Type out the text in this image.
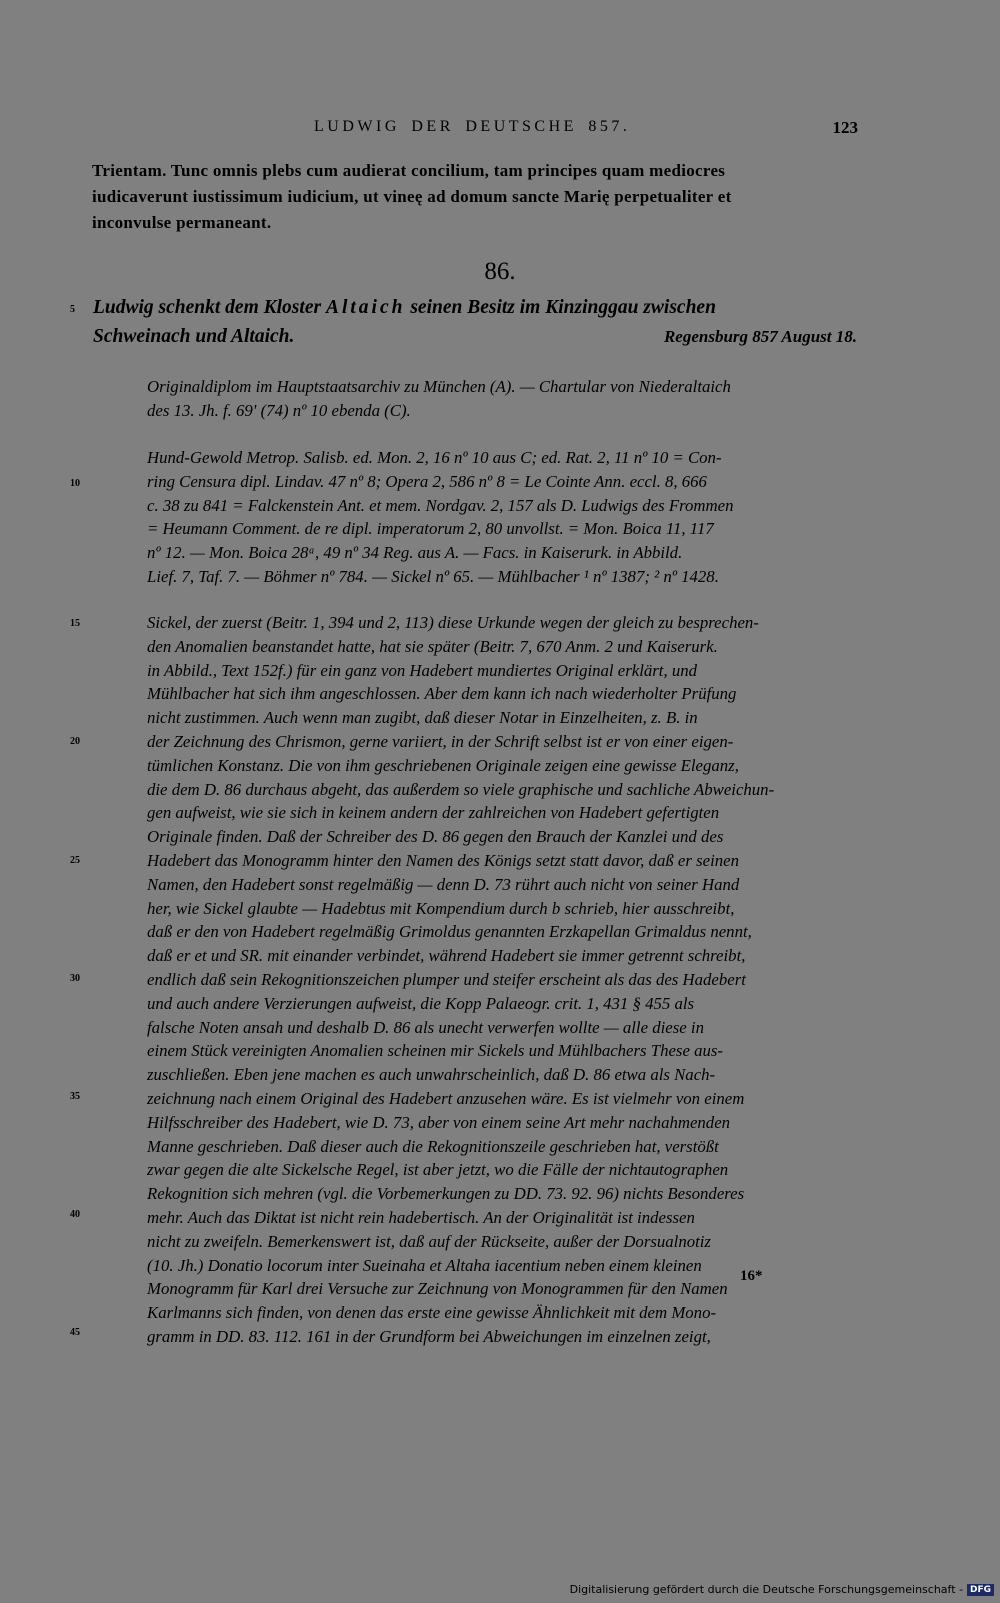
LUDWIG DER DEUTSCHE 857.	123
Trientam. Tunc omnis plebs cum audierat concilium, tam principes quam mediocres
iudicaverunt iustissimum iudicium, ut vineę ad domum sancte Marię perpetualiter et
inconvulse permaneant.
86.
Ludwig schenkt dem Kloster Altaich seinen Besitz im Kinzinggau zwischen
Schweinach und Altaich.	Regensburg 857 August 18.
Originaldiplom im Hauptstaatsarchiv zu München (A). — Chartular von Niederaltaich
des 13. Jh. f. 69' (74) nº 10 ebenda (C).
Hund-Gewold Metrop. Salisb. ed. Mon. 2, 16 nº 10 aus C; ed. Rat. 2, 11 nº 10 = Con-
ring Censura dipl. Lindav. 47 nº 8; Opera 2, 586 nº 8 = Le Cointe Ann. eccl. 8, 666
c. 38 zu 841 = Falckenstein Ant. et mem. Nordgav. 2, 157 als D. Ludwigs des Frommen
= Heumann Comment. de re dipl. imperatorum 2, 80 unvollst. = Mon. Boica 11, 117
nº 12. — Mon. Boica 28ᵃ, 49 nº 34 Reg. aus A. — Facs. in Kaiserurk. in Abbild.
Lief. 7, Taf. 7. — Böhmer nº 784. — Sickel nº 65. — Mühlbacher ¹ nº 1387; ² nº 1428.
Sickel, der zuerst (Beitr. 1, 394 und 2, 113) diese Urkunde wegen der gleich zu besprechen-
den Anomalien beanstandet hatte, hat sie später (Beitr. 7, 670 Anm. 2 und Kaiserurk.
in Abbild., Text 152f.) für ein ganz von Hadebert mundiertes Original erklärt, und
Mühlbacher hat sich ihm angeschlossen. Aber dem kann ich nach wiederholter Prüfung
nicht zustimmen. Auch wenn man zugibt, daß dieser Notar in Einzelheiten, z. B. in
der Zeichnung des Chrismon, gerne variiert, in der Schrift selbst ist er von einer eigen-
tümlichen Konstanz. Die von ihm geschriebenen Originale zeigen eine gewisse Eleganz,
die dem D. 86 durchaus abgeht, das außerdem so viele graphische und sachliche Abweichun-
gen aufweist, wie sie sich in keinem andern der zahlreichen von Hadebert gefertigten
Originale finden. Daß der Schreiber des D. 86 gegen den Brauch der Kanzlei und des
Hadebert das Monogramm hinter den Namen des Königs setzt statt davor, daß er seinen
Namen, den Hadebert sonst regelmäßig — denn D. 73 rührt auch nicht von seiner Hand
her, wie Sickel glaubte — Hadebtus mit Kompendium durch b schrieb, hier ausschreibt,
daß er den von Hadebert regelmäßig Grimoldus genannten Erzkapellan Grimaldus nennt,
daß er et und SR. mit einander verbindet, während Hadebert sie immer getrennt schreibt,
endlich daß sein Rekognitionszeichen plumper und steifer erscheint als das des Hadebert
und auch andere Verzierungen aufweist, die Kopp Palaeogr. crit. 1, 431 § 455 als
falsche Noten ansah und deshalb D. 86 als unecht verwerfen wollte — alle diese in
einem Stück vereinigten Anomalien scheinen mir Sickels und Mühlbachers These aus-
zuschließen. Eben jene machen es auch unwahrscheinlich, daß D. 86 etwa als Nach-
zeichnung nach einem Original des Hadebert anzusehen wäre. Es ist vielmehr von einem
Hilfsschreiber des Hadebert, wie D. 73, aber von einem seine Art mehr nachahmenden
Manne geschrieben. Daß dieser auch die Rekognitionszeile geschrieben hat, verstößt
zwar gegen die alte Sickelsche Regel, ist aber jetzt, wo die Fälle der nichtautographen
Rekognition sich mehren (vgl. die Vorbemerkungen zu DD. 73. 92. 96) nichts Besonderes
mehr. Auch das Diktat ist nicht rein hadebertisch. An der Originalität ist indessen
nicht zu zweifeln. Bemerkenswert ist, daß auf der Rückseite, außer der Dorsualnotiz
(10. Jh.) Donatio locorum inter Sueinaha et Altaha iacentium neben einem kleinen
Monogramm für Karl drei Versuche zur Zeichnung von Monogrammen für den Namen
Karlmanns sich finden, von denen das erste eine gewisse Ähnlichkeit mit dem Mono-
gramm in DD. 83. 112. 161 in der Grundform bei Abweichungen im einzelnen zeigt,
5
10
15
20
25
30
35
40
45
16*
Digitalisierung gefördert durch die Deutsche Forschungsgemeinschaft - DFG
